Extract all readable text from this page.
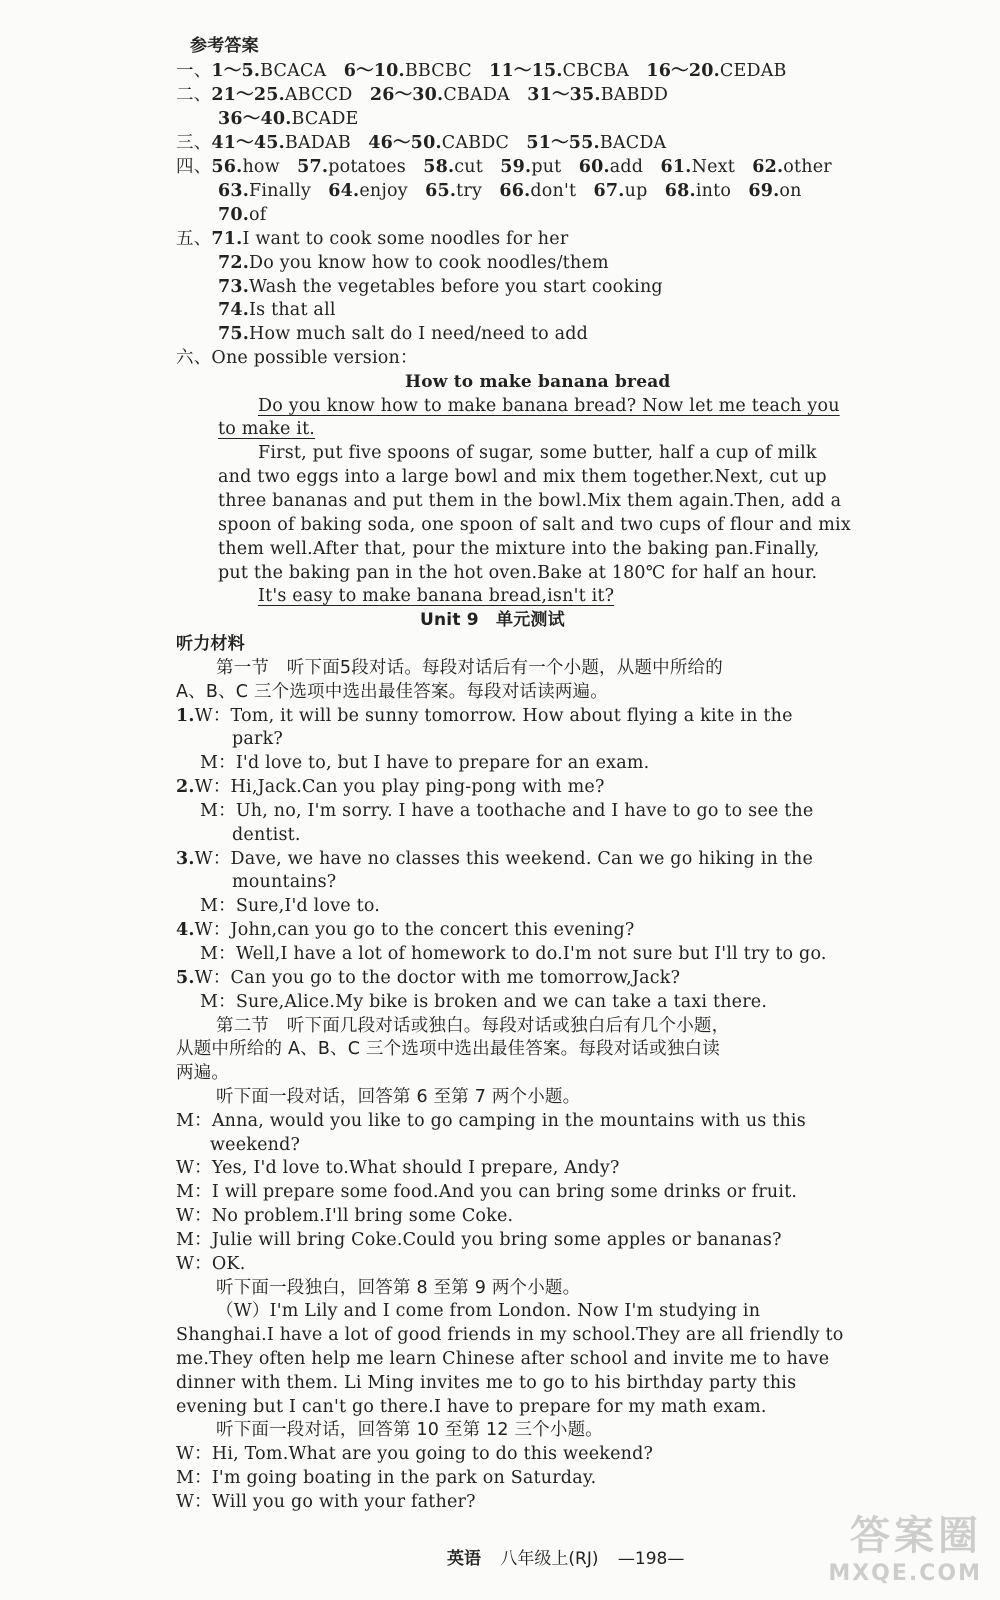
参考答案
一、1～5.BCACA 6～10.BBCBC 11～15.CBCBA 16～20.CEDAB
二、21～25.ABCCD 26～30.CBADA 31～35.BABDD
36～40.BCADE
三、41～45.BADAB 46～50.CABDC 51～55.BACDA
四、56.how 57.potatoes 58.cut 59.put 60.add 61.Next 62.other
63.Finally 64.enjoy 65.try 66.don't 67.up 68.into 69.on
70.of
五、71.I want to cook some noodles for her
72.Do you know how to cook noodles/them
73.Wash the vegetables before you start cooking
74.Is that all
75.How much salt do I need/need to add
六、One possible version：
How to make banana bread
Do you know how to make banana bread? Now let me teach you
to make it.
First, put five spoons of sugar, some butter, half a cup of milk
and two eggs into a large bowl and mix them together.Next, cut up
three bananas and put them in the bowl.Mix them again.Then, add a
spoon of baking soda, one spoon of salt and two cups of flour and mix
them well.After that, pour the mixture into the baking pan.Finally,
put the baking pan in the hot oven.Bake at 180℃ for half an hour.
It's easy to make banana bread,isn't it?
Unit 9　单元测试
听力材料
第一节　听下面5段对话。每段对话后有一个小题，从题中所给的
A、B、C 三个选项中选出最佳答案。每段对话读两遍。
1.W：Tom, it will be sunny tomorrow. How about flying a kite in the
park?
M：I'd love to, but I have to prepare for an exam.
2.W：Hi,Jack.Can you play ping-pong with me?
M：Uh, no, I'm sorry. I have a toothache and I have to go to see the
dentist.
3.W：Dave, we have no classes this weekend. Can we go hiking in the
mountains?
M：Sure,I'd love to.
4.W：John,can you go to the concert this evening?
M：Well,I have a lot of homework to do.I'm not sure but I'll try to go.
5.W：Can you go to the doctor with me tomorrow,Jack?
M：Sure,Alice.My bike is broken and we can take a taxi there.
第二节　听下面几段对话或独白。每段对话或独白后有几个小题，
从题中所给的 A、B、C 三个选项中选出最佳答案。每段对话或独白读
两遍。
听下面一段对话，回答第 6 至第 7 两个小题。
M：Anna, would you like to go camping in the mountains with us this
weekend?
W：Yes, I'd love to.What should I prepare, Andy?
M：I will prepare some food.And you can bring some drinks or fruit.
W：No problem.I'll bring some Coke.
M：Julie will bring Coke.Could you bring some apples or bananas?
W：OK.
听下面一段独白，回答第 8 至第 9 两个小题。
（W）I'm Lily and I come from London. Now I'm studying in
Shanghai.I have a lot of good friends in my school.They are all friendly to
me.They often help me learn Chinese after school and invite me to have
dinner with them. Li Ming invites me to go to his birthday party this
evening but I can't go there.I have to prepare for my math exam.
听下面一段对话，回答第 10 至第 12 三个小题。
W：Hi, Tom.What are you going to do this weekend?
M：I'm going boating in the park on Saturday.
W：Will you go with your father?
英语 八年级上(RJ) —198—	答案圈
MXQE.COM
